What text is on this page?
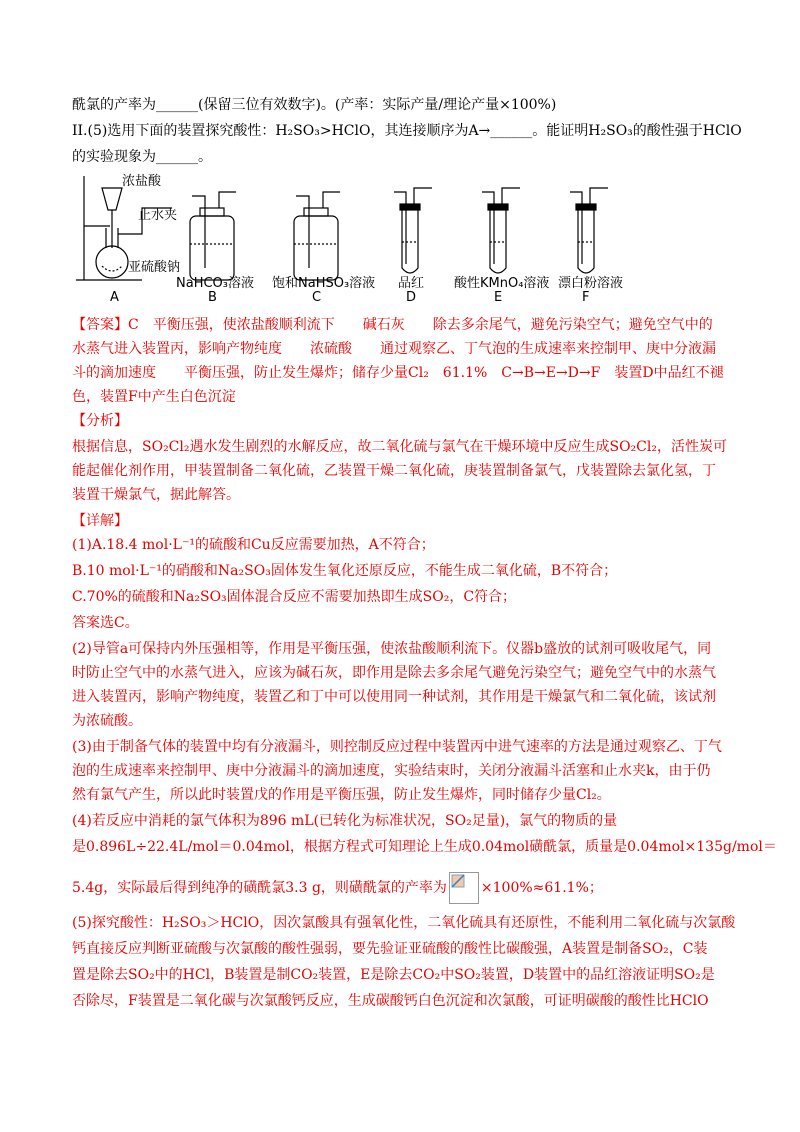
酰氯的产率为______(保留三位有效数字)。(产率：实际产量/理论产量×100%)
II.(5)选用下面的装置探究酸性：H₂SO₃>HClO，其连接顺序为A→______。能证明H₂SO₃的酸性强于HClO
的实验现象为______。
浓盐酸
止水夹
亚硫酸钠
NaHCO₃溶液 饱和NaHSO₃溶液 品红 酸性KMnO₄溶液 漂白粉溶液
A	B	C	D	E	F
【答案】C　平衡压强，使浓盐酸顺利流下　　碱石灰　　除去多余尾气，避免污染空气；避免空气中的
水蒸气进入装置丙，影响产物纯度　　浓硫酸　　通过观察乙、丁气泡的生成速率来控制甲、庚中分液漏
斗的滴加速度　　平衡压强，防止发生爆炸；储存少量Cl₂　61.1%　C→B→E→D→F　装置D中品红不褪
色，装置F中产生白色沉淀
【分析】
根据信息，SO₂Cl₂遇水发生剧烈的水解反应，故二氧化硫与氯气在干燥环境中反应生成SO₂Cl₂，活性炭可
能起催化剂作用，甲装置制备二氧化硫，乙装置干燥二氧化硫，庚装置制备氯气，戊装置除去氯化氢，丁
装置干燥氯气，据此解答。
【详解】
(1)A.18.4 mol·L⁻¹的硫酸和Cu反应需要加热，A不符合；
B.10 mol·L⁻¹的硝酸和Na₂SO₃固体发生氧化还原反应，不能生成二氧化硫，B不符合；
C.70%的硫酸和Na₂SO₃固体混合反应不需要加热即生成SO₂，C符合；
答案选C。
(2)导管a可保持内外压强相等，作用是平衡压强，使浓盐酸顺利流下。仪器b盛放的试剂可吸收尾气，同
时防止空气中的水蒸气进入，应该为碱石灰，即作用是除去多余尾气避免污染空气；避免空气中的水蒸气
进入装置丙，影响产物纯度，装置乙和丁中可以使用同一种试剂，其作用是干燥氯气和二氧化硫，该试剂
为浓硫酸。
(3)由于制备气体的装置中均有分液漏斗，则控制反应过程中装置丙中进气速率的方法是通过观察乙、丁气
泡的生成速率来控制甲、庚中分液漏斗的滴加速度，实验结束时，关闭分液漏斗活塞和止水夹k，由于仍
然有氯气产生，所以此时装置戊的作用是平衡压强，防止发生爆炸，同时储存少量Cl₂。
(4)若反应中消耗的氯气体积为896 mL(已转化为标准状况，SO₂足量)，氯气的物质的量
是0.896L÷22.4L/mol＝0.04mol，根据方程式可知理论上生成0.04mol磺酰氯，质量是0.04mol×135g/mol＝
5.4g，实际最后得到纯净的磺酰氯3.3 g，则磺酰氯的产率为 ×100%≈61.1%；
(5)探究酸性：H₂SO₃＞HClO，因次氯酸具有强氧化性，二氧化硫具有还原性，不能利用二氧化硫与次氯酸
钙直接反应判断亚硫酸与次氯酸的酸性强弱，要先验证亚硫酸的酸性比碳酸强，A装置是制备SO₂，C装
置是除去SO₂中的HCl，B装置是制CO₂装置，E是除去CO₂中SO₂装置，D装置中的品红溶液证明SO₂是
否除尽，F装置是二氧化碳与次氯酸钙反应，生成碳酸钙白色沉淀和次氯酸，可证明碳酸的酸性比HClO
